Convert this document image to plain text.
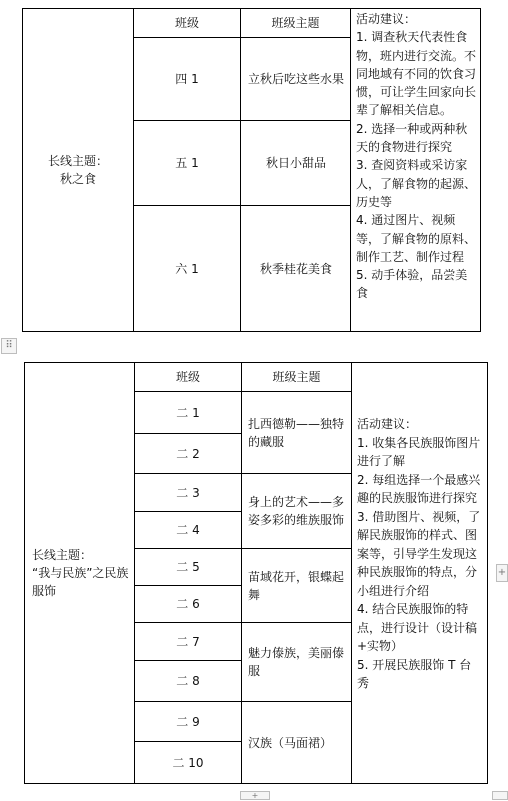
班级	班级主题
长线主题：
秋之食
四 1
五 1
六 1
立秋后吃这些水果
秋日小甜品
秋季桂花美食
活动建议：
1. 调查秋天代表性食物，班内进行交流。不同地域有不同的饮食习惯，可让学生回家向长辈了解相关信息。
2. 选择一种或两种秋天的食物进行探究
3. 查阅资料或采访家人，了解食物的起源、历史等
4. 通过图片、视频等，了解食物的原料、制作工艺、制作过程
5. 动手体验，品尝美食
⠿
班级	班级主题
长线主题：
“我与民族”之民族服饰
二 1
二 2
二 3
二 4
二 5
二 6
二 7
二 8
二 9
二 10
扎西德勒——独特的藏服
身上的艺术——多姿多彩的维族服饰
苗域花开，银蝶起舞
魅力傣族，美丽傣服
汉族（马面裙）
活动建议：
1. 收集各民族服饰图片进行了解
2. 每组选择一个最感兴趣的民族服饰进行探究
3. 借助图片、视频，了解民族服饰的样式、图案等，引导学生发现这种民族服饰的特点，分小组进行介绍
4. 结合民族服饰的特点，进行设计（设计稿+实物）
5. 开展民族服饰 T 台秀
+
+
